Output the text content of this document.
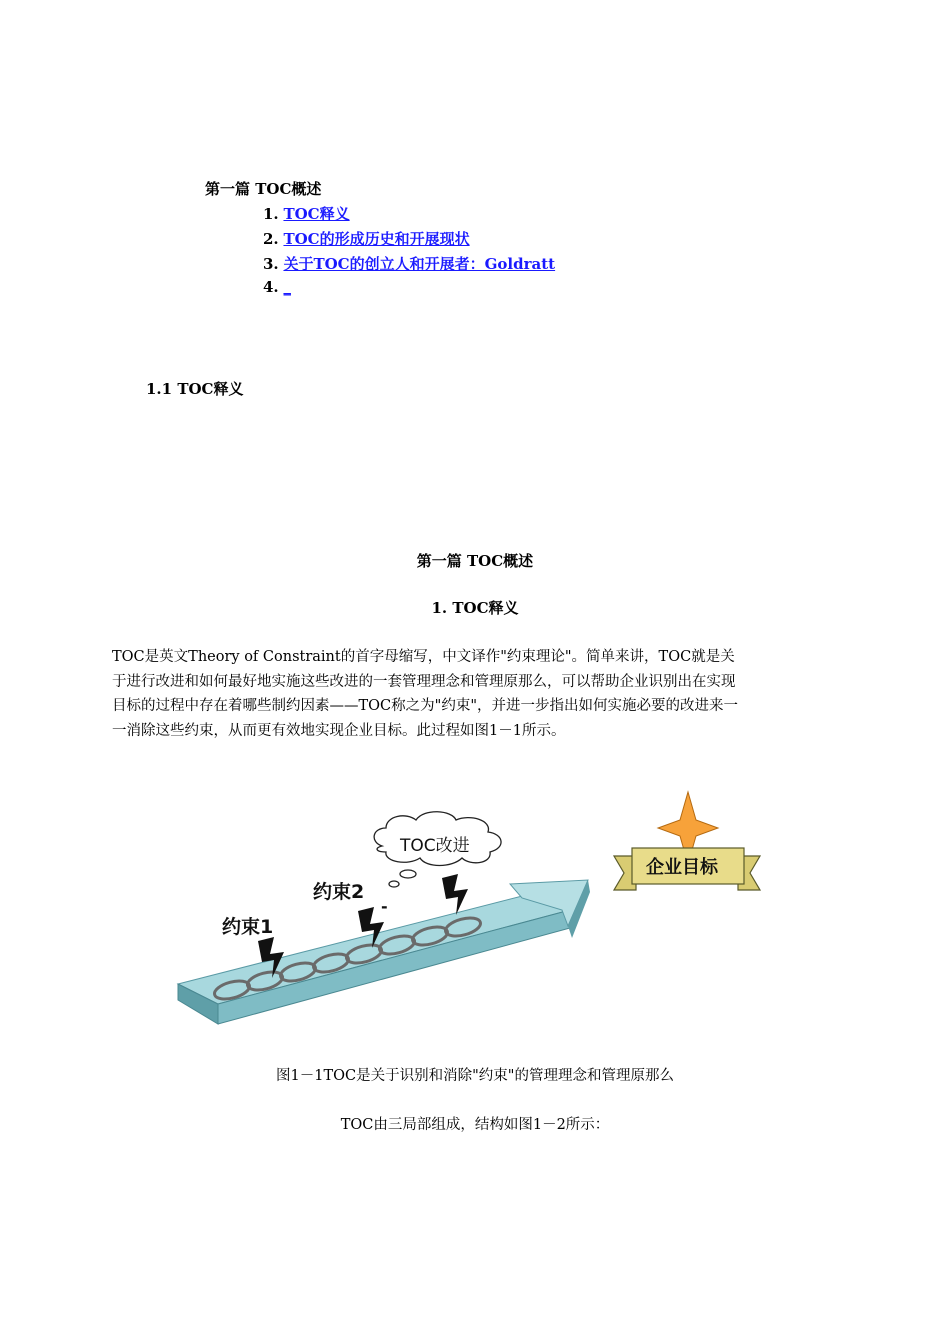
第一篇 TOC概述
1. TOC释义
2. TOC的形成历史和开展现状
3. 关于TOC的创立人和开展者：Goldratt
4. _
1.1 TOC释义
第一篇 TOC概述
1. TOC释义
TOC是英文Theory of Constraint的首字母缩写，中文译作"约束理论"。简单来讲，TOC就是关
于进行改进和如何最好地实施这些改进的一套管理理念和管理原那么，可以帮助企业识别出在实现
目标的过程中存在着哪些制约因素——TOC称之为"约束"，并进一步指出如何实施必要的改进来一
一消除这些约束，从而更有效地实现企业目标。此过程如图1－1所示。
约束1
约束2
-
TOC改进
企业目标
图1－1TOC是关于识别和消除"约束"的管理理念和管理原那么
TOC由三局部组成，结构如图1－2所示：
